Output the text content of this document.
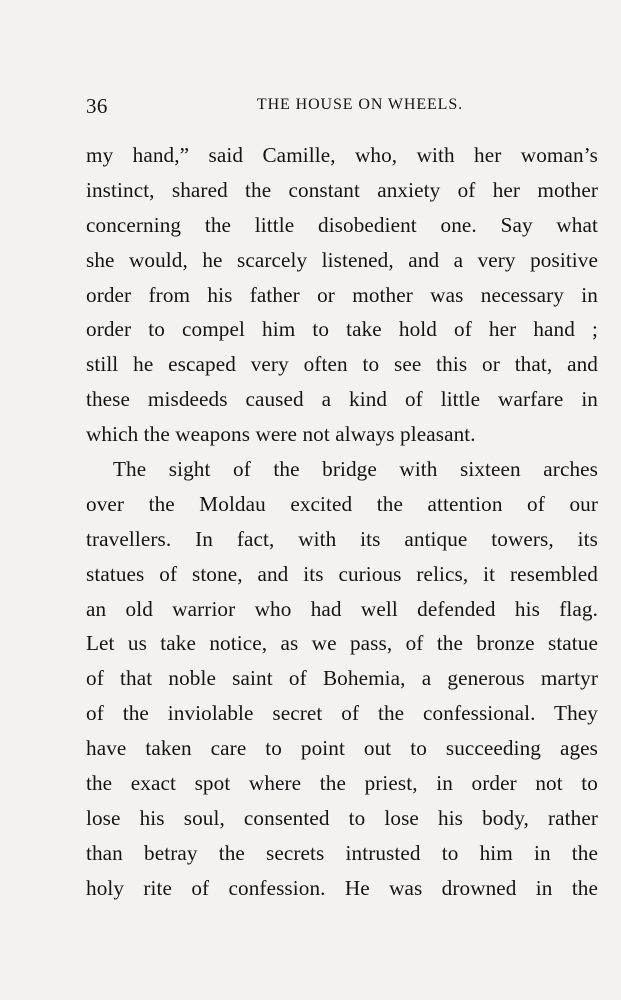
36	THE HOUSE ON WHEELS.
my hand,” said Camille, who, with her woman’s
instinct, shared the constant anxiety of her mother
concerning the little disobedient one. Say what
she would, he scarcely listened, and a very positive
order from his father or mother was necessary in
order to compel him to take hold of her hand ;
still he escaped very often to see this or that, and
these misdeeds caused a kind of little warfare in
which the weapons were not always pleasant.
The sight of the bridge with sixteen arches
over the Moldau excited the attention of our
travellers. In fact, with its antique towers, its
statues of stone, and its curious relics, it resembled
an old warrior who had well defended his flag.
Let us take notice, as we pass, of the bronze statue
of that noble saint of Bohemia, a generous martyr
of the inviolable secret of the confessional. They
have taken care to point out to succeeding ages
the exact spot where the priest, in order not to
lose his soul, consented to lose his body, rather
than betray the secrets intrusted to him in the
holy rite of confession. He was drowned in the
